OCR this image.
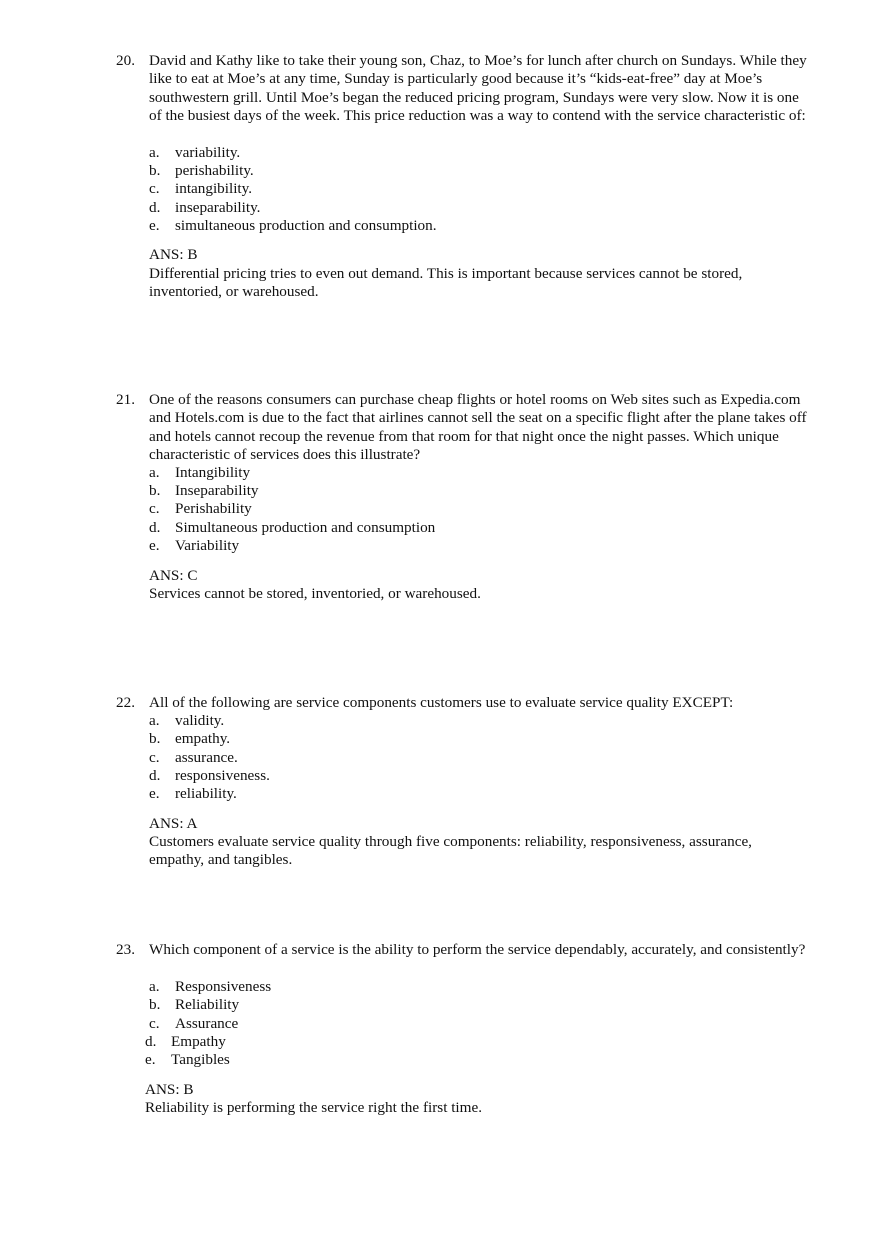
20. David and Kathy like to take their young son, Chaz, to Moe’s for lunch after church on Sundays. While they like to eat at Moe’s at any time, Sunday is particularly good because it’s “kids-eat-free” day at Moe’s southwestern grill. Until Moe’s began the reduced pricing program, Sundays were very slow. Now it is one of the busiest days of the week. This price reduction was a way to contend with the service characteristic of:
a. variability.
b. perishability.
c. intangibility.
d. inseparability.
e. simultaneous production and consumption.
ANS: B
Differential pricing tries to even out demand. This is important because services cannot be stored, inventoried, or warehoused.
21. One of the reasons consumers can purchase cheap flights or hotel rooms on Web sites such as Expedia.com and Hotels.com is due to the fact that airlines cannot sell the seat on a specific flight after the plane takes off and hotels cannot recoup the revenue from that room for that night once the night passes. Which unique characteristic of services does this illustrate?
a. Intangibility
b. Inseparability
c. Perishability
d. Simultaneous production and consumption
e. Variability
ANS: C
Services cannot be stored, inventoried, or warehoused.
22. All of the following are service components customers use to evaluate service quality EXCEPT:
a. validity.
b. empathy.
c. assurance.
d. responsiveness.
e. reliability.
ANS: A
Customers evaluate service quality through five components: reliability, responsiveness, assurance, empathy, and tangibles.
23. Which component of a service is the ability to perform the service dependably, accurately, and consistently?
a. Responsiveness
b. Reliability
c. Assurance
d. Empathy
e. Tangibles
ANS: B
Reliability is performing the service right the first time.
